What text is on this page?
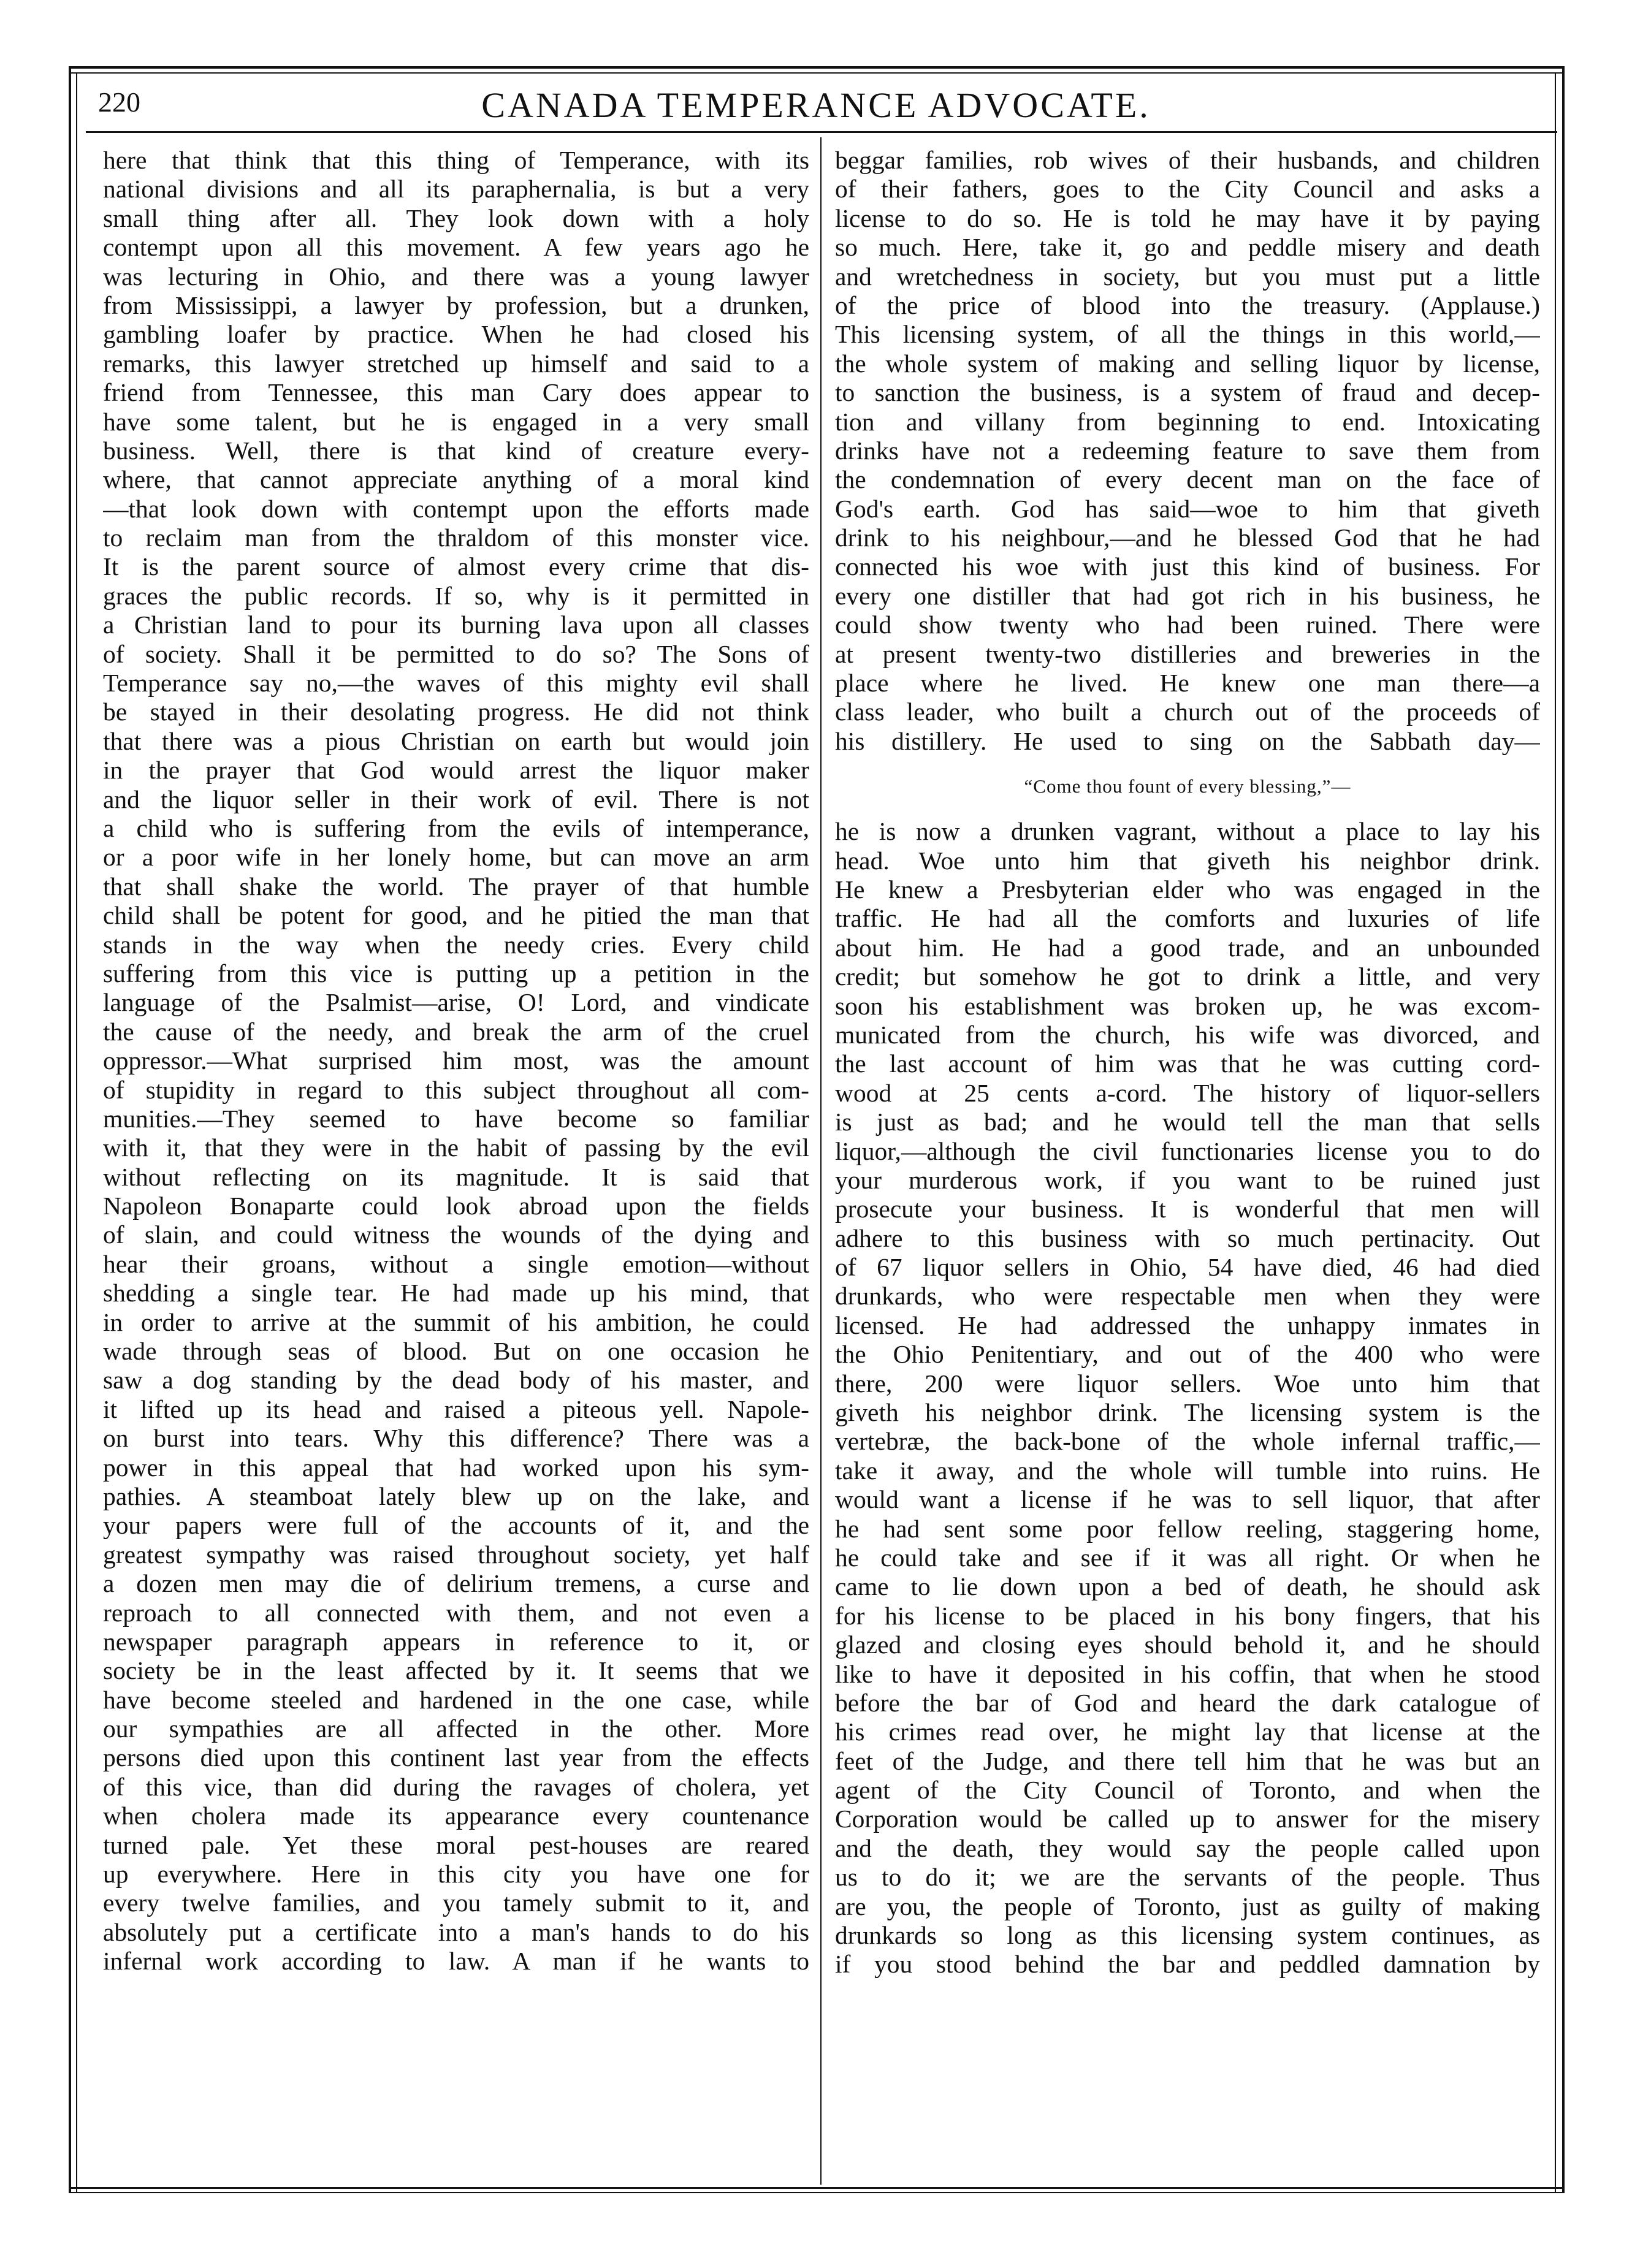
220	CANADA TEMPERANCE ADVOCATE.
here that think that this thing of Temperance, with its
national divisions and all its paraphernalia, is but a very
small thing after all. They look down with a holy
contempt upon all this movement. A few years ago he
was lecturing in Ohio, and there was a young lawyer
from Mississippi, a lawyer by profession, but a drunken,
gambling loafer by practice. When he had closed his
remarks, this lawyer stretched up himself and said to a
friend from Tennessee, this man Cary does appear to
have some talent, but he is engaged in a very small
business. Well, there is that kind of creature every-
where, that cannot appreciate anything of a moral kind
—that look down with contempt upon the efforts made
to reclaim man from the thraldom of this monster vice.
It is the parent source of almost every crime that dis-
graces the public records. If so, why is it permitted in
a Christian land to pour its burning lava upon all classes
of society. Shall it be permitted to do so? The Sons of
Temperance say no,—the waves of this mighty evil shall
be stayed in their desolating progress. He did not think
that there was a pious Christian on earth but would join
in the prayer that God would arrest the liquor maker
and the liquor seller in their work of evil. There is not
a child who is suffering from the evils of intemperance,
or a poor wife in her lonely home, but can move an arm
that shall shake the world. The prayer of that humble
child shall be potent for good, and he pitied the man that
stands in the way when the needy cries. Every child
suffering from this vice is putting up a petition in the
language of the Psalmist—arise, O! Lord, and vindicate
the cause of the needy, and break the arm of the cruel
oppressor.—What surprised him most, was the amount
of stupidity in regard to this subject throughout all com-
munities.—They seemed to have become so familiar
with it, that they were in the habit of passing by the evil
without reflecting on its magnitude. It is said that
Napoleon Bonaparte could look abroad upon the fields
of slain, and could witness the wounds of the dying and
hear their groans, without a single emotion—without
shedding a single tear. He had made up his mind, that
in order to arrive at the summit of his ambition, he could
wade through seas of blood. But on one occasion he
saw a dog standing by the dead body of his master, and
it lifted up its head and raised a piteous yell. Napole-
on burst into tears. Why this difference? There was a
power in this appeal that had worked upon his sym-
pathies. A steamboat lately blew up on the lake, and
your papers were full of the accounts of it, and the
greatest sympathy was raised throughout society, yet half
a dozen men may die of delirium tremens, a curse and
reproach to all connected with them, and not even a
newspaper paragraph appears in reference to it, or
society be in the least affected by it. It seems that we
have become steeled and hardened in the one case, while
our sympathies are all affected in the other. More
persons died upon this continent last year from the effects
of this vice, than did during the ravages of cholera, yet
when cholera made its appearance every countenance
turned pale. Yet these moral pest-houses are reared
up everywhere. Here in this city you have one for
every twelve families, and you tamely submit to it, and
absolutely put a certificate into a man's hands to do his
infernal work according to law. A man if he wants to
beggar families, rob wives of their husbands, and children
of their fathers, goes to the City Council and asks a
license to do so. He is told he may have it by paying
so much. Here, take it, go and peddle misery and death
and wretchedness in society, but you must put a little
of the price of blood into the treasury. (Applause.)
This licensing system, of all the things in this world,—
the whole system of making and selling liquor by license,
to sanction the business, is a system of fraud and decep-
tion and villany from beginning to end. Intoxicating
drinks have not a redeeming feature to save them from
the condemnation of every decent man on the face of
God's earth. God has said—woe to him that giveth
drink to his neighbour,—and he blessed God that he had
connected his woe with just this kind of business. For
every one distiller that had got rich in his business, he
could show twenty who had been ruined. There were
at present twenty-two distilleries and breweries in the
place where he lived. He knew one man there—a
class leader, who built a church out of the proceeds of
his distillery. He used to sing on the Sabbath day—
“Come thou fount of every blessing,”—
he is now a drunken vagrant, without a place to lay his
head. Woe unto him that giveth his neighbor drink.
He knew a Presbyterian elder who was engaged in the
traffic. He had all the comforts and luxuries of life
about him. He had a good trade, and an unbounded
credit; but somehow he got to drink a little, and very
soon his establishment was broken up, he was excom-
municated from the church, his wife was divorced, and
the last account of him was that he was cutting cord-
wood at 25 cents a-cord. The history of liquor-sellers
is just as bad; and he would tell the man that sells
liquor,—although the civil functionaries license you to do
your murderous work, if you want to be ruined just
prosecute your business. It is wonderful that men will
adhere to this business with so much pertinacity. Out
of 67 liquor sellers in Ohio, 54 have died, 46 had died
drunkards, who were respectable men when they were
licensed. He had addressed the unhappy inmates in
the Ohio Penitentiary, and out of the 400 who were
there, 200 were liquor sellers. Woe unto him that
giveth his neighbor drink. The licensing system is the
vertebræ, the back-bone of the whole infernal traffic,—
take it away, and the whole will tumble into ruins. He
would want a license if he was to sell liquor, that after
he had sent some poor fellow reeling, staggering home,
he could take and see if it was all right. Or when he
came to lie down upon a bed of death, he should ask
for his license to be placed in his bony fingers, that his
glazed and closing eyes should behold it, and he should
like to have it deposited in his coffin, that when he stood
before the bar of God and heard the dark catalogue of
his crimes read over, he might lay that license at the
feet of the Judge, and there tell him that he was but an
agent of the City Council of Toronto, and when the
Corporation would be called up to answer for the misery
and the death, they would say the people called upon
us to do it; we are the servants of the people. Thus
are you, the people of Toronto, just as guilty of making
drunkards so long as this licensing system continues, as
if you stood behind the bar and peddled damnation by
